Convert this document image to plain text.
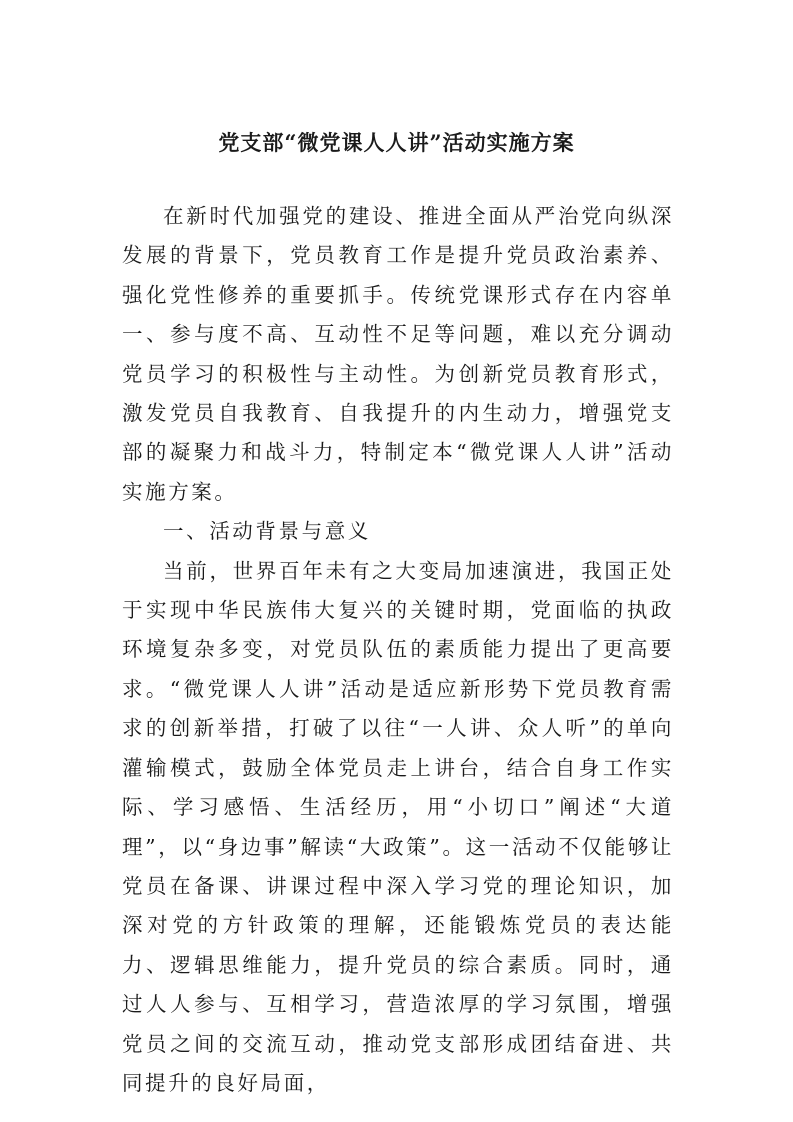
党支部“微党课人人讲”活动实施方案

在新时代加强党的建设、推进全面从严治党向纵深发展的背景下，党员教育工作是提升党员政治素养、强化党性修养的重要抓手。传统党课形式存在内容单一、参与度不高、互动性不足等问题，难以充分调动党员学习的积极性与主动性。为创新党员教育形式，激发党员自我教育、自我提升的内生动力，增强党支部的凝聚力和战斗力，特制定本“微党课人人讲”活动实施方案。

一、活动背景与意义

当前，世界百年未有之大变局加速演进，我国正处于实现中华民族伟大复兴的关键时期，党面临的执政环境复杂多变，对党员队伍的素质能力提出了更高要求。“微党课人人讲”活动是适应新形势下党员教育需求的创新举措，打破了以往“一人讲、众人听”的单向灌输模式，鼓励全体党员走上讲台，结合自身工作实际、学习感悟、生活经历，用“小切口”阐述“大道理”，以“身边事”解读“大政策”。这一活动不仅能够让党员在备课、讲课过程中深入学习党的理论知识，加深对党的方针政策的理解，还能锻炼党员的表达能力、逻辑思维能力，提升党员的综合素质。同时，通过人人参与、互相学习，营造浓厚的学习氛围，增强党员之间的交流互动，推动党支部形成团结奋进、共同提升的良好局面，
